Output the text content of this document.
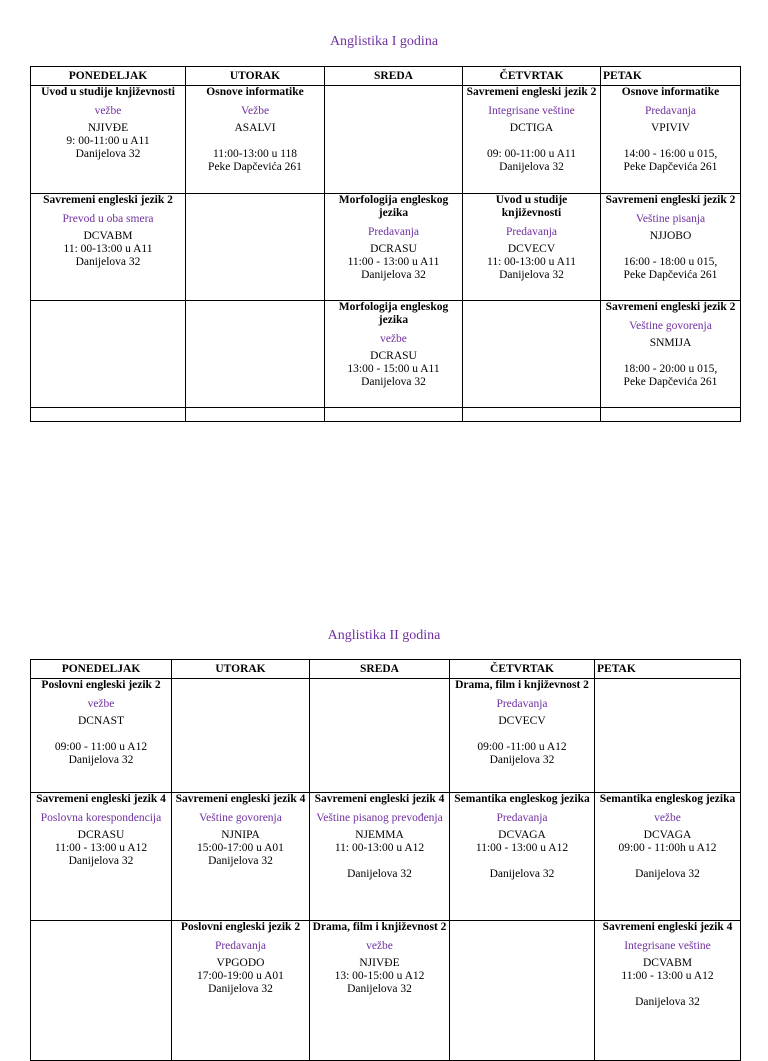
Anglistika I godina
PONEDELJAK	UTORAK	SREDA	ČETVRTAK	PETAK

Uvod u studije književnosti
vežbe
NJIVĐE
9: 00-11:00 u A11
Danijelova 32	Osnove informatike
Vežbe
ASALVI

11:00-13:00 u 118
Peke Dapčevića 261		Savremeni engleski jezik 2
Integrisane veštine
DCTIGA

09: 00-11:00 u A11
Danijelova 32	Osnove informatike
Predavanja
VPIVIV

14:00 - 16:00 u 015,
Peke Dapčevića 261

Savremeni engleski jezik 2
Prevod u oba smera
DCVABM
11: 00-13:00 u A11
Danijelova 32		Morfologija engleskog jezika
Predavanja
DCRASU
11:00 - 13:00 u A11
Danijelova 32	Uvod u studije književnosti
Predavanja
DCVECV
11: 00-13:00 u A11
Danijelova 32	Savremeni engleski jezik 2
Veštine pisanja
NJJOBO

16:00 - 18:00 u 015,
Peke Dapčevića 261

		Morfologija engleskog jezika
vežbe
DCRASU
13:00 - 15:00 u A11
Danijelova 32		Savremeni engleski jezik 2
Veštine govorenja
SNMIJA

18:00 - 20:00 u 015,
Peke Dapčevića 261

Anglistika II godina
PONEDELJAK	UTORAK	SREDA	ČETVRTAK	PETAK

Poslovni engleski jezik 2
vežbe
DCNAST

09:00 - 11:00 u A12
Danijelova 32			Drama, film i književnost 2
Predavanja
DCVECV

09:00 -11:00 u A12
Danijelova 32	

Savremeni engleski jezik 4
Poslovna korespondencija
DCRASU
11:00 - 13:00 u A12
Danijelova 32	Savremeni engleski jezik 4
Veštine govorenja
NJNIPA
15:00-17:00 u A01
Danijelova 32	Savremeni engleski jezik 4
Veštine pisanog prevođenja
NJEMMA
11: 00-13:00 u A12

Danijelova 32	Semantika engleskog jezika
Predavanja
DCVAGA
11:00 - 13:00 u A12

Danijelova 32	Semantika engleskog jezika
vežbe
DCVAGA
09:00 - 11:00h u A12

Danijelova 32

	Poslovni engleski jezik 2
Predavanja
VPGODO
17:00-19:00 u A01
Danijelova 32	Drama, film i književnost 2
vežbe
NJIVĐE
13: 00-15:00 u A12
Danijelova 32		Savremeni engleski jezik 4
Integrisane veštine
DCVABM
11:00 - 13:00 u A12

Danijelova 32
